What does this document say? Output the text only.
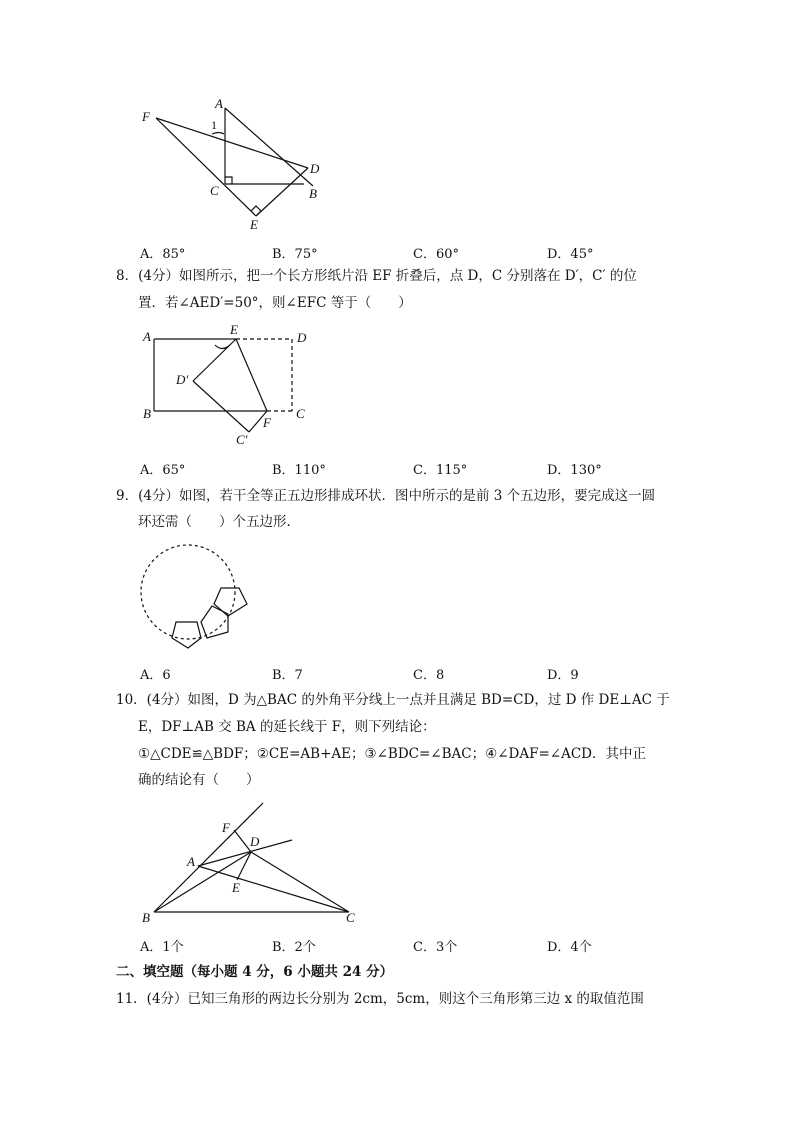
F
A
1
D
C	B
E
A．85°	B．75°	C．60°	D．45°
8．(4分）如图所示，把一个长方形纸片沿 EF 折叠后，点 D，C 分别落在 D′，C′ 的位
置．若∠AED′=50°，则∠EFC 等于（　　）
A	E
D
D′
B
F
C
C′
A．65°	B．110°	C．115°	D．130°
9．(4分）如图，若干全等正五边形排成环状．图中所示的是前 3 个五边形，要完成这一圆
环还需（　　）个五边形．
A．6	B．7	C．8	D．9
10．(4分）如图，D 为△BAC 的外角平分线上一点并且满足 BD=CD，过 D 作 DE⊥AC 于
E，DF⊥AB 交 BA 的延长线于 F，则下列结论：
①△CDE≌△BDF；②CE=AB+AE；③∠BDC=∠BAC；④∠DAF=∠ACD．其中正
确的结论有（　　）
F
D
A
E
B	C
A．1个	B．2个	C．3个	D．4个
二、填空题（每小题 4 分，6 小题共 24 分）
11．(4分）已知三角形的两边长分别为 2cm，5cm，则这个三角形第三边 x 的取值范围
